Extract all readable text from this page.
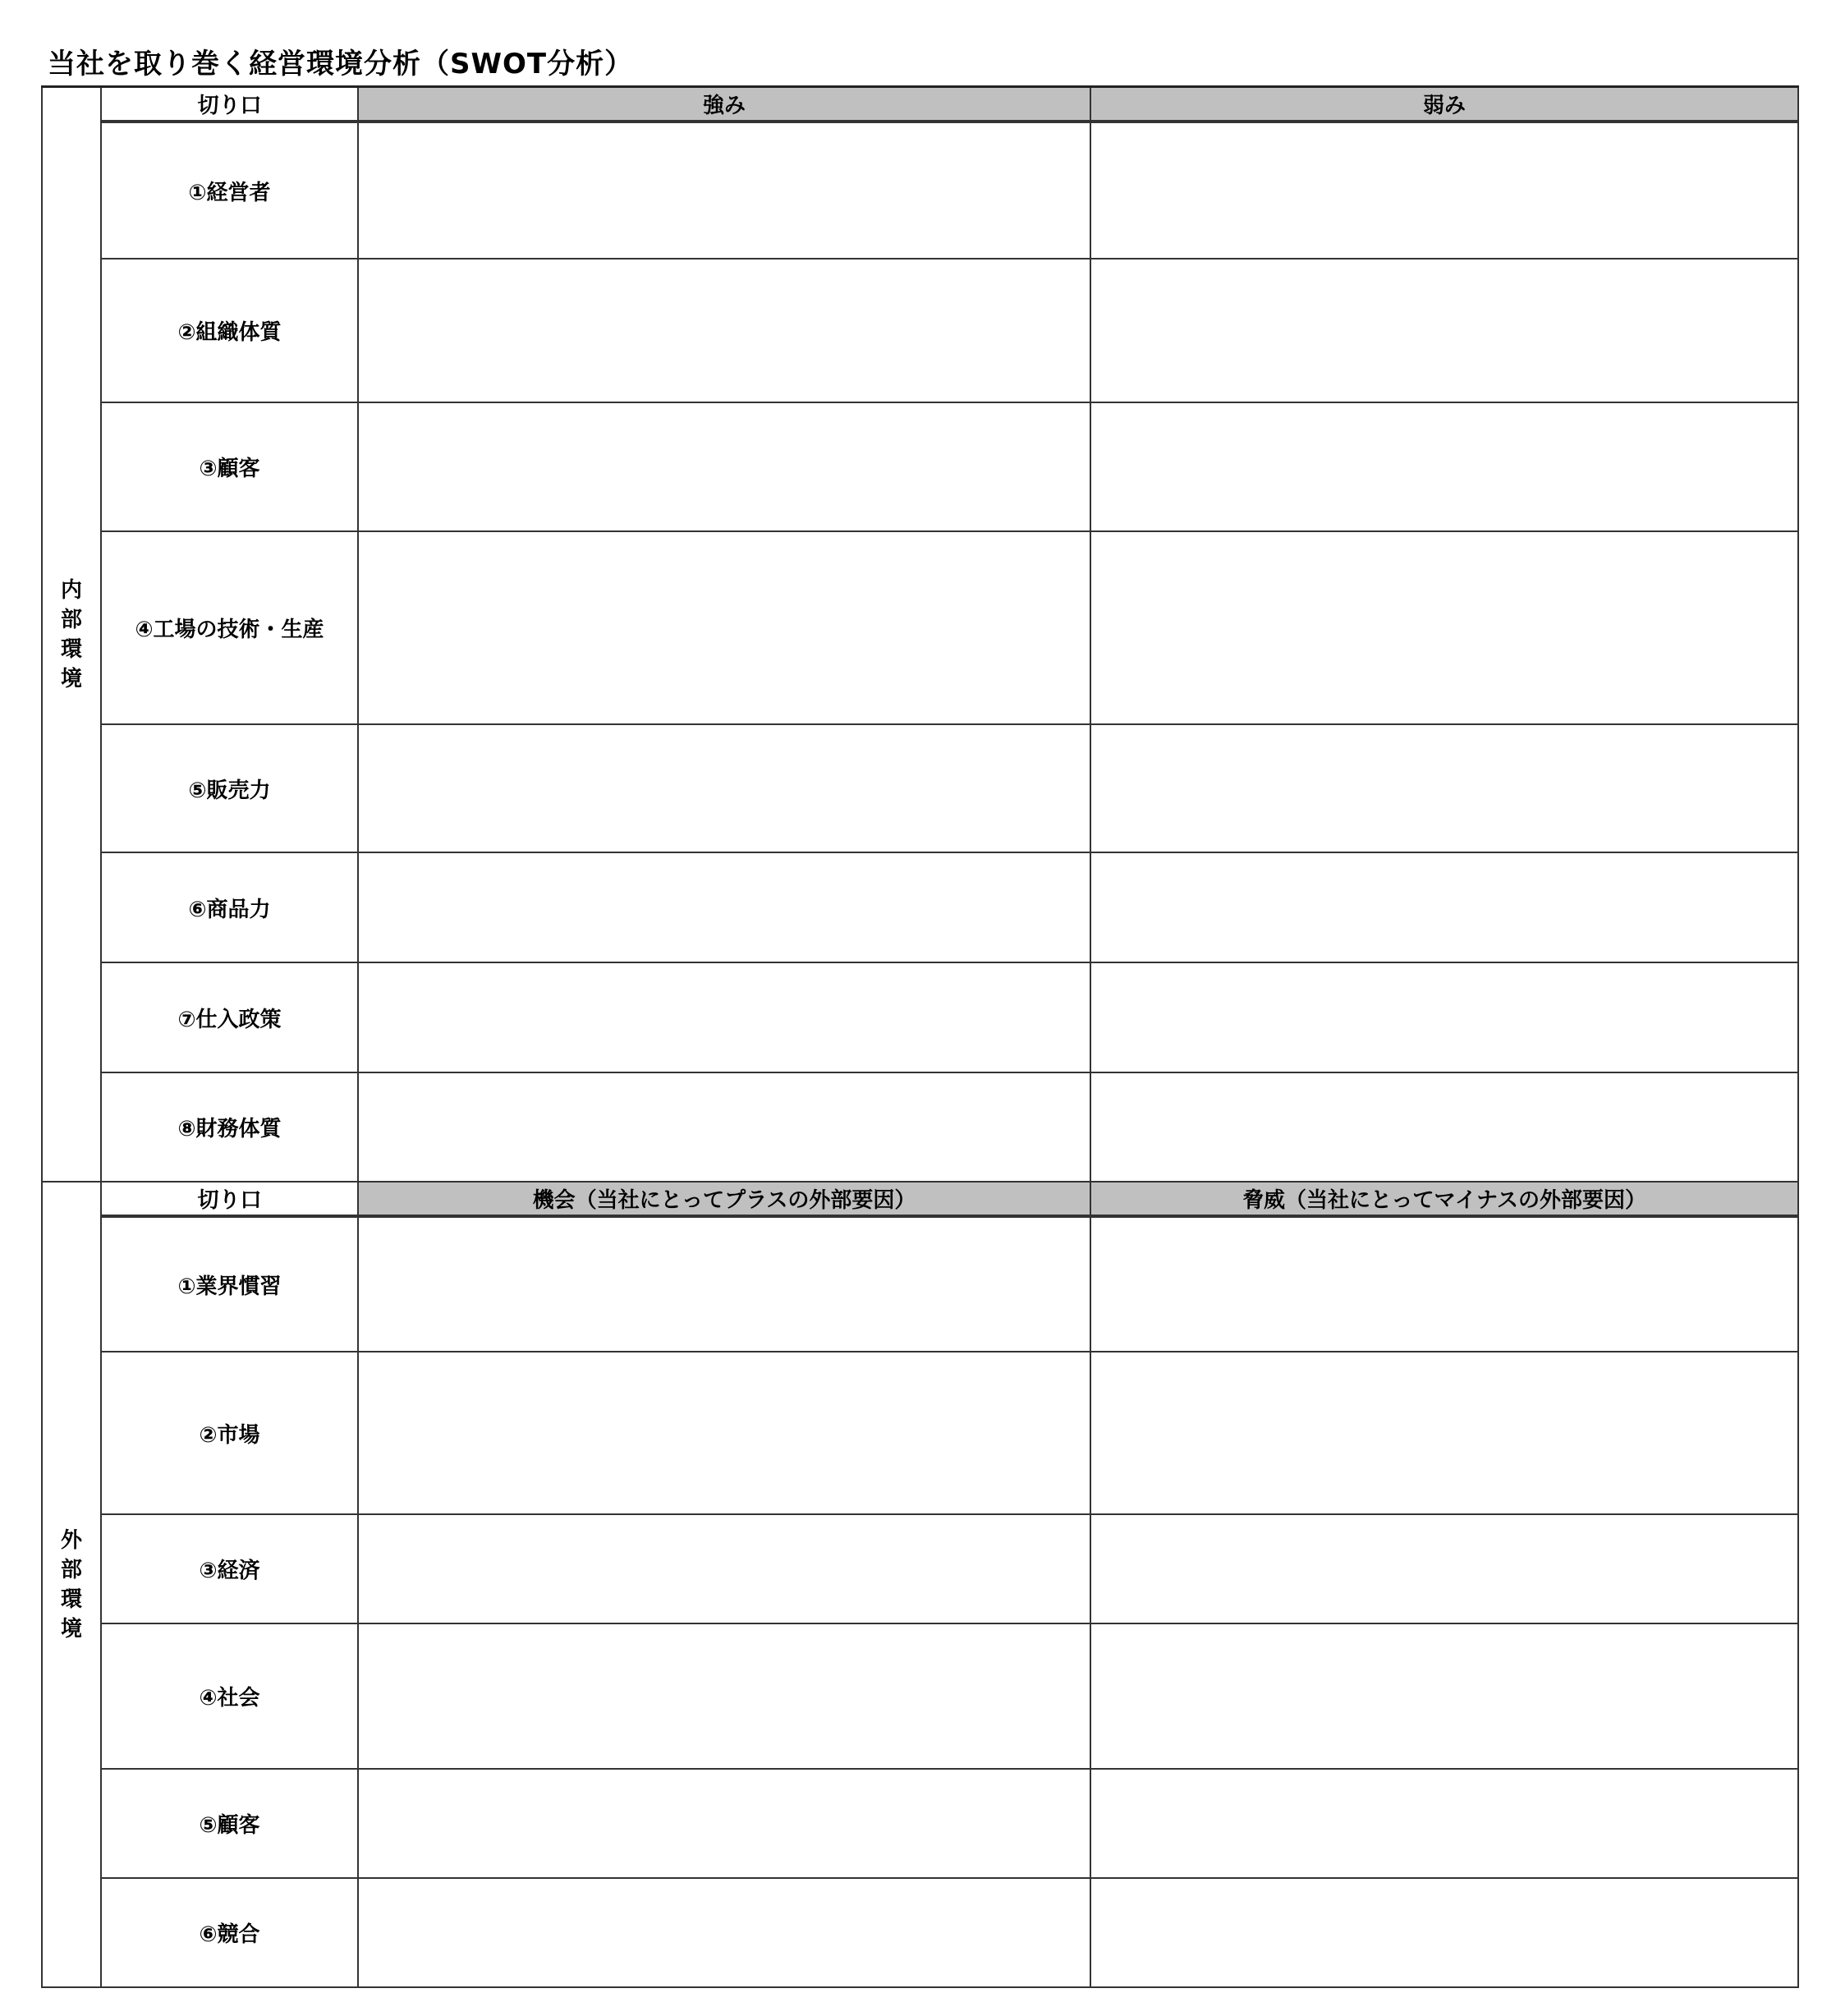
当社を取り巻く経営環境分析（SWOT分析）
内
部
環
境	切り口	強み	弱み
	①経営者		
	②組織体質		
	③顧客		
	④工場の技術・生産		
	⑤販売力		
	⑥商品力		
	⑦仕入政策		
	⑧財務体質		

外
部
環
境	切り口	機会（当社にとってプラスの外部要因）	脅威（当社にとってマイナスの外部要因）
	①業界慣習		
	②市場		
	③経済		
	④社会		
	⑤顧客		
	⑥競合		
